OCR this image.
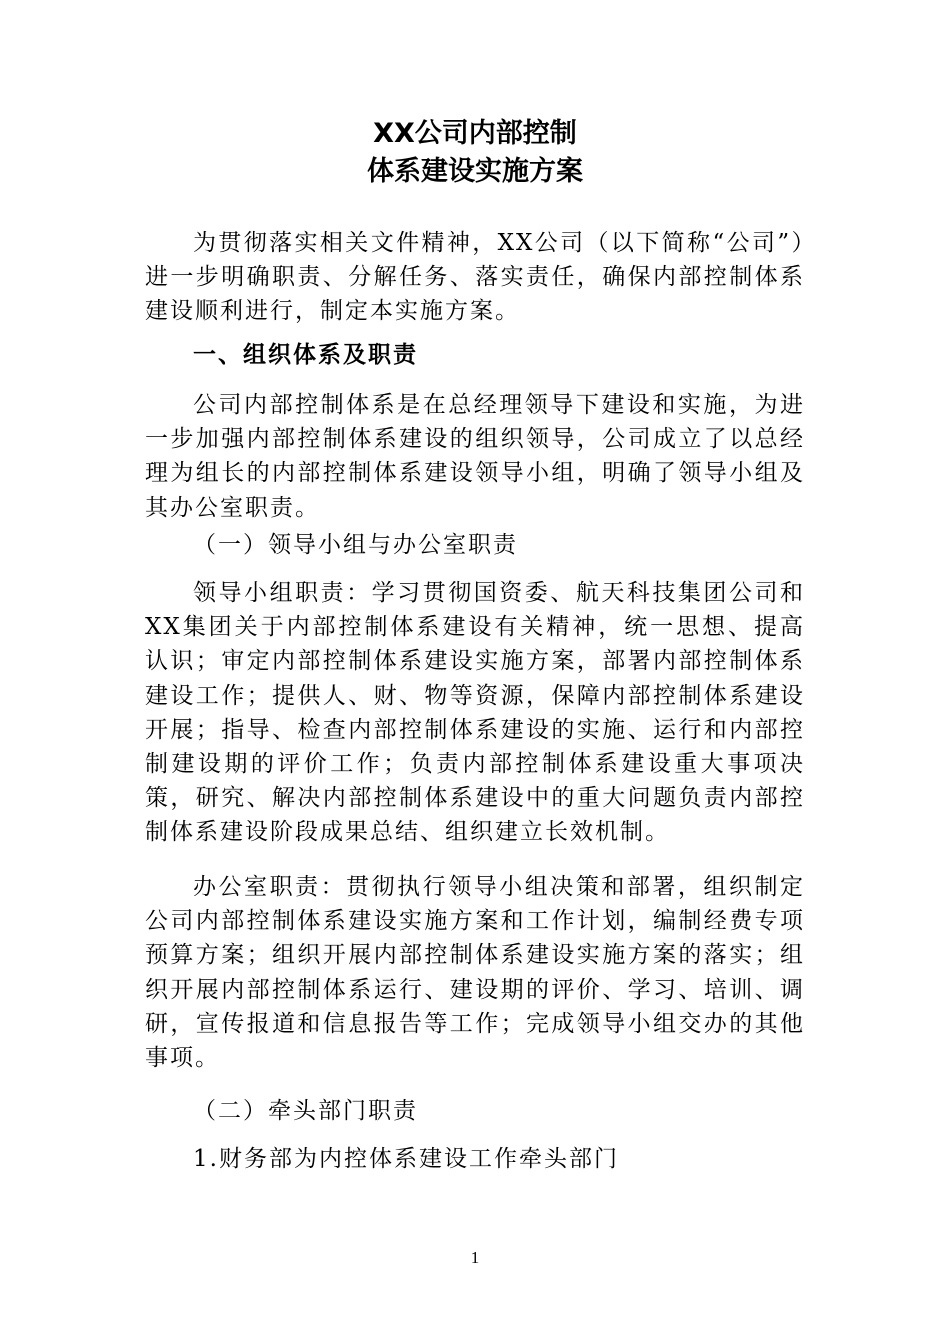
XX公司内部控制
体系建设实施方案

为贯彻落实相关文件精神，XX公司（以下简称“公司”）进一步明确职责、分解任务、落实责任，确保内部控制体系建设顺利进行，制定本实施方案。

一、组织体系及职责

公司内部控制体系是在总经理领导下建设和实施，为进一步加强内部控制体系建设的组织领导，公司成立了以总经理为组长的内部控制体系建设领导小组，明确了领导小组及其办公室职责。

（一）领导小组与办公室职责

领导小组职责：学习贯彻国资委、航天科技集团公司和XX集团关于内部控制体系建设有关精神，统一思想、提高认识；审定内部控制体系建设实施方案，部署内部控制体系建设工作；提供人、财、物等资源，保障内部控制体系建设开展；指导、检查内部控制体系建设的实施、运行和内部控制建设期的评价工作；负责内部控制体系建设重大事项决策，研究、解决内部控制体系建设中的重大问题负责内部控制体系建设阶段成果总结、组织建立长效机制。

办公室职责：贯彻执行领导小组决策和部署，组织制定公司内部控制体系建设实施方案和工作计划，编制经费专项预算方案；组织开展内部控制体系建设实施方案的落实；组织开展内部控制体系运行、建设期的评价、学习、培训、调研，宣传报道和信息报告等工作；完成领导小组交办的其他事项。

（二）牵头部门职责
1.财务部为内控体系建设工作牵头部门
1
